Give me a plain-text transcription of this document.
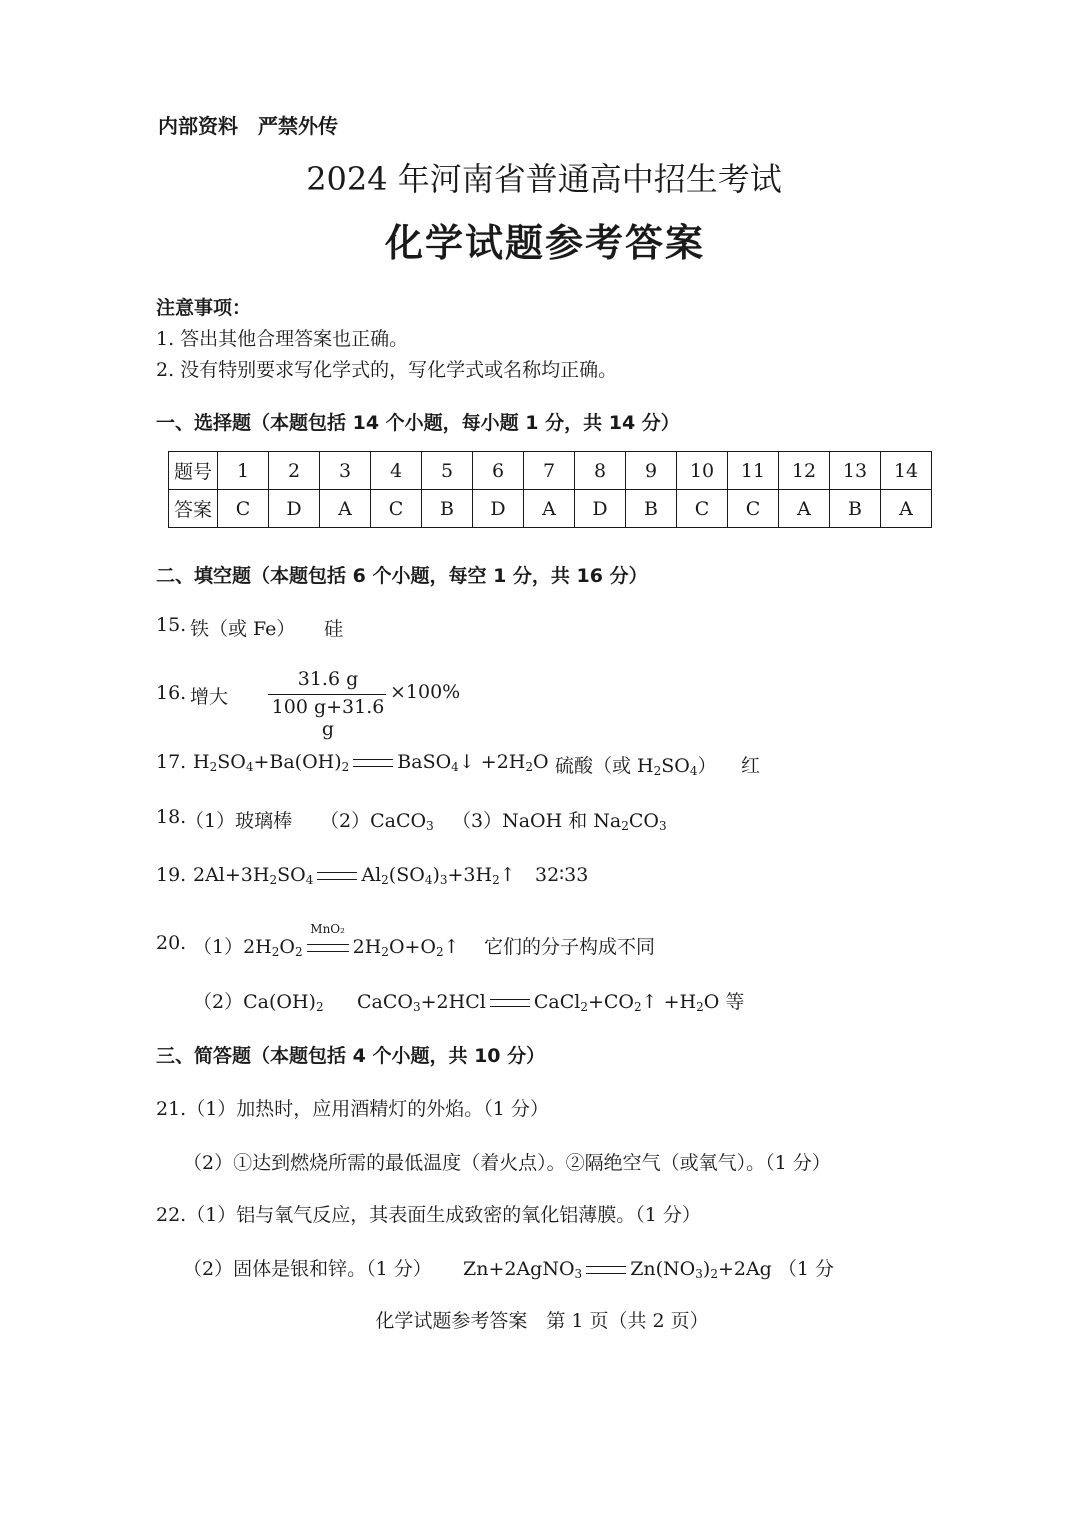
内部资料　严禁外传
2024 年河南省普通高中招生考试
化学试题参考答案
注意事项：
1. 答出其他合理答案也正确。
2. 没有特别要求写化学式的，写化学式或名称均正确。
一、选择题（本题包括 14 个小题，每小题 1 分，共 14 分）
题号	1	2	3	4	5	6	7	8	9	10	11	12	13	14
答案	C	D	A	C	B	D	A	D	B	C	C	A	B	A
二、填空题（本题包括 6 个小题，每空 1 分，共 16 分）
15. 铁（或 Fe） 硅
16. 增大
31.6 g
100 g+31.6 g
×100%
17. $H_2SO_4+Ba(OH)_2$	BaSO$_4$↓ $+2H_2O$ 硫酸（或 $H_2SO_4$） 红
18.
（1）玻璃棒 （2）CaCO$_3$ （3）NaOH 和 $Na_2CO_3$
19. $2Al+3H_2SO_4$	$Al_2(SO_4)_3+3H_2↑$ 32∶33
20. $(1)2H_2O_2$
MnO₂
$2H_2O+O_2↑$ 它们的分子构成不同
$(2)Ca(OH)_2$ CaCO$_3$+2HCl	$CaCl_2+CO_2↑ +H_2O$ 等
三、简答题（本题包括 4 个小题，共 10 分）
21.（1）加热时，应用酒精灯的外焰。（1 分）
（2）①达到燃烧所需的最低温度（着火点）。②隔绝空气（或氧气）。（1 分）
22.（1）铝与氧气反应，其表面生成致密的氧化铝薄膜。（1 分）
（2）固体是银和锌。（1 分） Zn+2AgNO$_3$	$Zn(NO_3)_2+2Ag$ （1 分
化学试题参考答案　第 1 页（共 2 页）
